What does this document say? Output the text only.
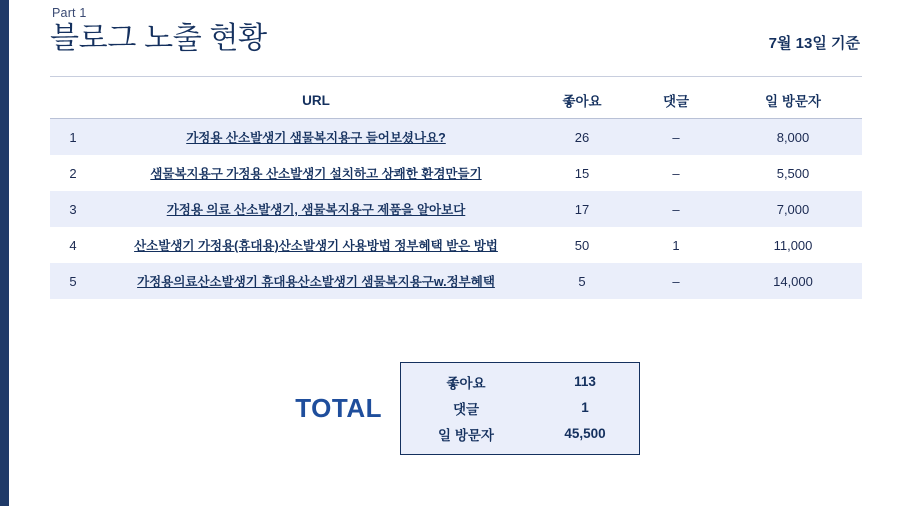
Part 1
블로그 노출 현황	7월 13일 기준
	URL	좋아요	댓글	일 방문자
1	가정용 산소발생기 샘물복지용구 들어보셨나요?	26	–	8,000
2	샘물복지용구 가정용 산소발생기 설치하고 상쾌한 환경만들기	15	–	5,500
3	가정용 의료 산소발생기, 샘물복지용구 제품을 알아보다	17	–	7,000
4	산소발생기 가정용(휴대용)산소발생기 사용방법 정부혜택 받은 방법	50	1	11,000
5	가정용의료산소발생기 휴대용산소발생기 샘물복지용구w.정부혜택	5	–	14,000
TOTAL
좋아요	113
댓글	1
일 방문자	45,500
